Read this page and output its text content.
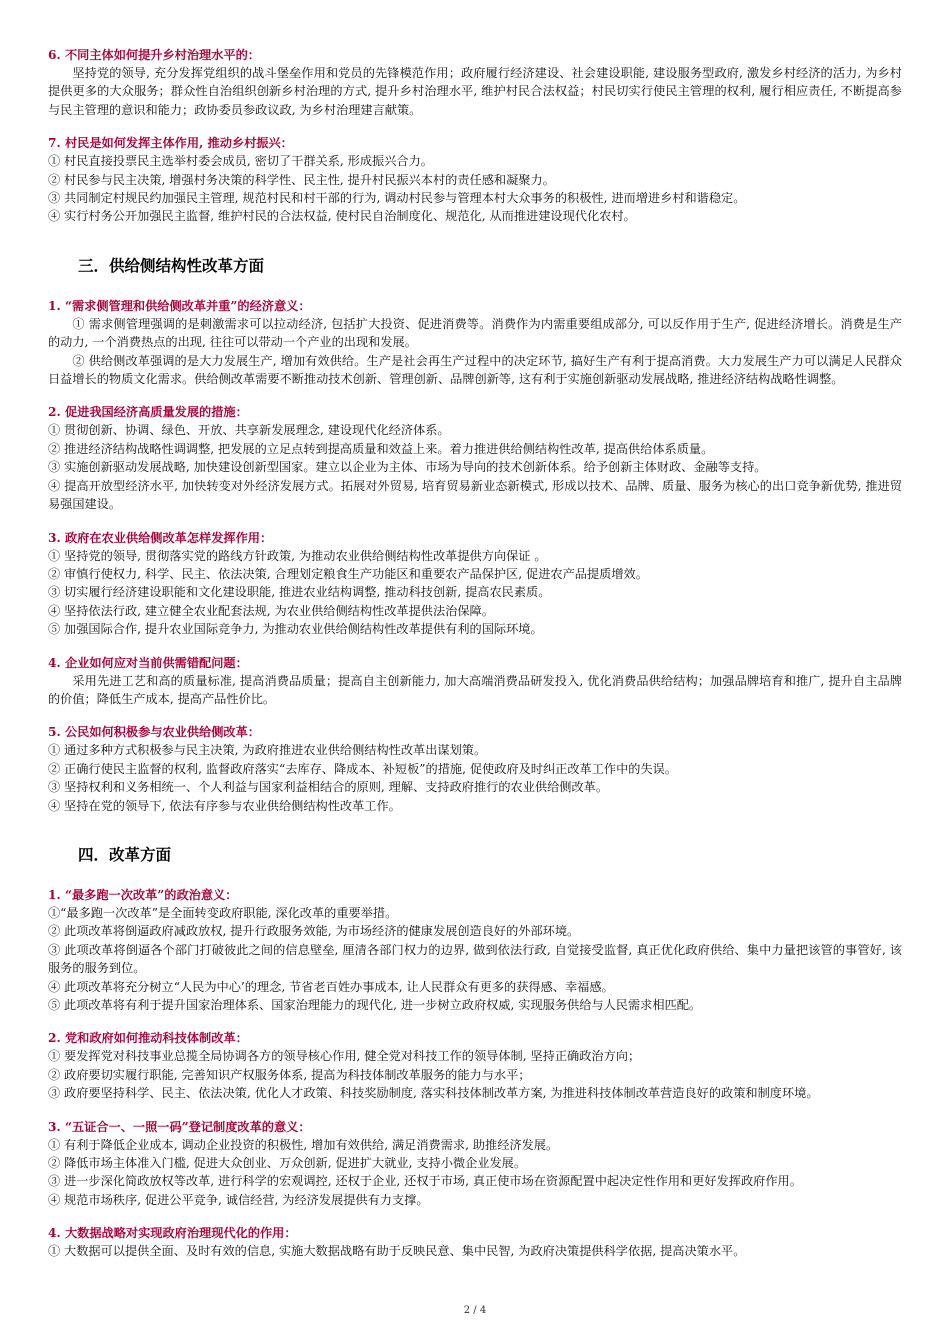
6. 不同主体如何提升乡村治理水平的：

坚持党的领导, 充分发挥党组织的战斗堡垒作用和党员的先锋模范作用；政府履行经济建设、社会建设职能, 建设服务型政府, 激发乡村经济的活力, 为乡村提供更多的大众服务；群众性自治组织创新乡村治理的方式, 提升乡村治理水平, 维护村民合法权益；村民切实行使民主管理的权利, 履行相应责任, 不断提高参与民主管理的意识和能力；政协委员参政议政, 为乡村治理建言献策。

7. 村民是如何发挥主体作用, 推动乡村振兴：

① 村民直接投票民主选举村委会成员, 密切了干群关系, 形成振兴合力。

② 村民参与民主决策, 增强村务决策的科学性、民主性, 提升村民振兴本村的责任感和凝聚力。

③ 共同制定村规民约加强民主管理, 规范村民和村干部的行为, 调动村民参与管理本村大众事务的积极性, 进而增进乡村和谐稳定。

④ 实行村务公开加强民主监督, 维护村民的合法权益, 使村民自治制度化、规范化, 从而推进建设现代化农村。

三．供给侧结构性改革方面

1. “需求侧管理和供给侧改革并重”的经济意义：

① 需求侧管理强调的是刺激需求可以拉动经济, 包括扩大投资、促进消费等。消费作为内需重要组成部分, 可以反作用于生产, 促进经济增长。消费是生产的动力, 一个消费热点的出现, 往往可以带动一个产业的出现和发展。

② 供给侧改革强调的是大力发展生产, 增加有效供给。生产是社会再生产过程中的决定环节, 搞好生产有利于提高消费。大力发展生产力可以满足人民群众日益增长的物质文化需求。供给侧改革需要不断推动技术创新、管理创新、品牌创新等, 这有利于实施创新驱动发展战略, 推进经济结构战略性调整。

2. 促进我国经济高质量发展的措施：

① 贯彻创新、协调、绿色、开放、共享新发展理念, 建设现代化经济体系。

② 推进经济结构战略性调调整, 把发展的立足点转到提高质量和效益上来。着力推进供给侧结构性改革, 提高供给体系质量。

③ 实施创新驱动发展战略, 加快建设创新型国家。建立以企业为主体、市场为导向的技术创新体系。给予创新主体财政、金融等支持。

④ 提高开放型经济水平, 加快转变对外经济发展方式。拓展对外贸易, 培育贸易新业态新模式, 形成以技术、品牌、质量、服务为核心的出口竞争新优势, 推进贸易强国建设。

3. 政府在农业供给侧改革怎样发挥作用：

① 坚持党的领导, 贯彻落实党的路线方针政策, 为推动农业供给侧结构性改革提供方向保证 。

② 审慎行使权力, 科学、民主、依法决策, 合理划定粮食生产功能区和重要农产品保护区, 促进农产品提质增效。

③ 切实履行经济建设职能和文化建设职能, 推进农业结构调整, 推动科技创新, 提高农民素质。

④ 坚持依法行政, 建立健全农业配套法规, 为农业供给侧结构性改革提供法治保障。

⑤ 加强国际合作, 提升农业国际竞争力, 为推动农业供给侧结构性改革提供有利的国际环境。

4. 企业如何应对当前供需错配问题：

采用先进工艺和高的质量标准, 提高消费品质量；提高自主创新能力, 加大高端消费品研发投入, 优化消费品供给结构；加强品牌培育和推广, 提升自主品牌的价值；降低生产成本, 提高产品性价比。

5. 公民如何积极参与农业供给侧改革：

① 通过多种方式积极参与民主决策, 为政府推进农业供给侧结构性改革出谋划策。

② 正确行使民主监督的权利, 监督政府落实“去库存、降成本、补短板”的措施, 促使政府及时纠正改革工作中的失误。

③ 坚持权利和义务相统一、个人利益与国家利益相结合的原则, 理解、支持政府推行的农业供给侧改革。

④ 坚持在党的领导下, 依法有序参与农业供给侧结构性改革工作。

四．改革方面

1. “最多跑一次改革”的政治意义：

①“最多跑一次改革”是全面转变政府职能, 深化改革的重要举措。

② 此项改革将倒逼政府减政放权, 提升行政服务效能, 为市场经济的健康发展创造良好的外部环境。

③ 此项改革将倒逼各个部门打破彼此之间的信息壁垒, 厘清各部门权力的边界, 做到依法行政, 自觉接受监督, 真正优化政府供给、集中力量把该管的事管好, 该服务的服务到位。

④ 此项改革将充分树立“人民为中心’的理念, 节省老百姓办事成本, 让人民群众有更多的获得感、幸福感。

⑤ 此项改革将有利于提升国家治理体系、国家治理能力的现代化, 进一步树立政府权威, 实现服务供给与人民需求相匹配。

2. 党和政府如何推动科技体制改革：

① 要发挥党对科技事业总揽全局协调各方的领导核心作用, 健全党对科技工作的领导体制, 坚持正确政治方向；

② 政府要切实履行职能, 完善知识产权服务体系, 提高为科技体制改革服务的能力与水平；

③ 政府要坚持科学、民主、依法决策, 优化人才政策、科技奖励制度, 落实科技体制改革方案, 为推进科技体制改革营造良好的政策和制度环境。

3. “五证合一、一照一码”登记制度改革的意义：

① 有利于降低企业成本, 调动企业投资的积极性, 增加有效供给, 满足消费需求, 助推经济发展。

② 降低市场主体准入门槛, 促进大众创业、万众创新, 促进扩大就业, 支持小微企业发展。

③ 进一步深化简政放权等改革, 进行科学的宏观调控, 还权于企业, 还权于市场, 真正使市场在资源配置中起决定性作用和更好发挥政府作用。

④ 规范市场秩序, 促进公平竞争, 诚信经营, 为经济发展提供有力支撑。

4. 大数据战略对实现政府治理现代化的作用：

① 大数据可以提供全面、及时有效的信息, 实施大数据战略有助于反映民意、集中民智, 为政府决策提供科学依据, 提高决策水平。

2 / 4
